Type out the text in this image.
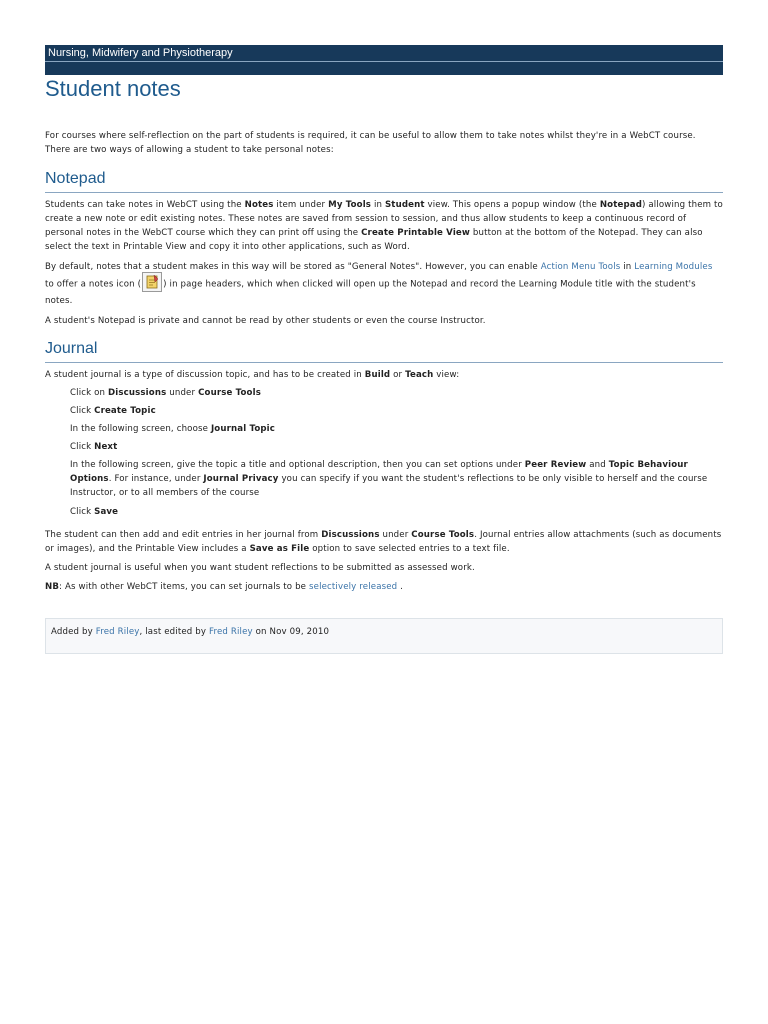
Nursing, Midwifery and Physiotherapy
Student notes

For courses where self-reflection on the part of students is required, it can be useful to allow them to take notes whilst they're in a WebCT course. There are two ways of allowing a student to take personal notes:

Notepad

Students can take notes in WebCT using the Notes item under My Tools in Student view. This opens a popup window (the Notepad) allowing them to create a new note or edit existing notes. These notes are saved from session to session, and thus allow students to keep a continuous record of personal notes in the WebCT course which they can print off using the Create Printable View button at the bottom of the Notepad. They can also select the text in Printable View and copy it into other applications, such as Word.

By default, notes that a student makes in this way will be stored as "General Notes". However, you can enable Action Menu Tools in Learning Modules to offer a notes icon (	) in page headers, which when clicked will open up the Notepad and record the Learning Module title with the student's notes.

A student's Notepad is private and cannot be read by other students or even the course Instructor.

Journal

A student journal is a type of discussion topic, and has to be created in Build or Teach view:

Click on Discussions under Course Tools

Click Create Topic

In the following screen, choose Journal Topic

Click Next

In the following screen, give the topic a title and optional description, then you can set options under Peer Review and Topic Behaviour Options. For instance, under Journal Privacy you can specify if you want the student's reflections to be only visible to herself and the course Instructor, or to all members of the course

Click Save

The student can then add and edit entries in her journal from Discussions under Course Tools. Journal entries allow attachments (such as documents or images), and the Printable View includes a Save as File option to save selected entries to a text file.

A student journal is useful when you want student reflections to be submitted as assessed work.

NB: As with other WebCT items, you can set journals to be selectively released .

Added by Fred Riley, last edited by Fred Riley on Nov 09, 2010
